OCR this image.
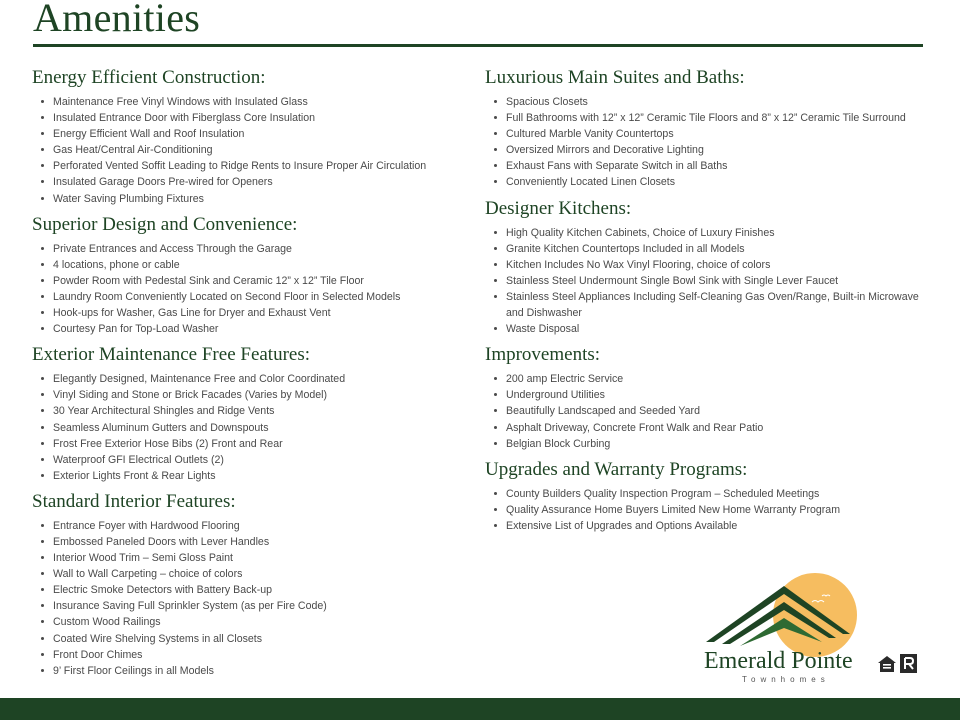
Amenities
Energy Efficient Construction:
Maintenance Free Vinyl Windows with Insulated Glass
Insulated Entrance Door with Fiberglass Core Insulation
Energy Efficient Wall and Roof Insulation
Gas Heat/Central Air-Conditioning
Perforated Vented Soffit Leading to Ridge Rents to Insure Proper Air Circulation
Insulated Garage Doors Pre-wired for Openers
Water Saving Plumbing Fixtures
Superior Design and Convenience:
Private Entrances and Access Through the Garage
4 locations, phone or cable
Powder Room with Pedestal Sink and Ceramic 12” x 12” Tile Floor
Laundry Room Conveniently Located on Second Floor in Selected Models
Hook-ups for Washer, Gas Line for Dryer and Exhaust Vent
Courtesy Pan for Top-Load Washer
Exterior Maintenance Free Features:
Elegantly Designed, Maintenance Free and Color Coordinated
Vinyl Siding and Stone or Brick Facades (Varies by Model)
30 Year Architectural Shingles and Ridge Vents
Seamless Aluminum Gutters and Downspouts
Frost Free Exterior Hose Bibs (2) Front and Rear
Waterproof GFI Electrical Outlets (2)
Exterior Lights Front & Rear Lights
Standard Interior Features:
Entrance Foyer with Hardwood Flooring
Embossed Paneled Doors with Lever Handles
Interior Wood Trim – Semi Gloss Paint
Wall to Wall Carpeting – choice of colors
Electric Smoke Detectors with Battery Back-up
Insurance Saving Full Sprinkler System (as per Fire Code)
Custom Wood Railings
Coated Wire Shelving Systems in all Closets
Front Door Chimes
9’ First Floor Ceilings in all Models
Luxurious Main Suites and Baths:
Spacious Closets
Full Bathrooms with 12” x 12” Ceramic Tile Floors and 8” x 12” Ceramic Tile Surround
Cultured Marble Vanity Countertops
Oversized Mirrors and Decorative Lighting
Exhaust Fans with Separate Switch in all Baths
Conveniently Located Linen Closets
Designer Kitchens:
High Quality Kitchen Cabinets, Choice of Luxury Finishes
Granite Kitchen Countertops Included in all Models
Kitchen Includes No Wax Vinyl Flooring, choice of colors
Stainless Steel Undermount Single Bowl Sink with Single Lever Faucet
Stainless Steel Appliances Including Self-Cleaning Gas Oven/Range, Built-in Microwave and Dishwasher
Waste Disposal
Improvements:
200 amp Electric Service
Underground Utilities
Beautifully Landscaped and Seeded Yard
Asphalt Driveway, Concrete Front Walk and Rear Patio
Belgian Block Curbing
Upgrades and Warranty Programs:
County Builders Quality Inspection Program – Scheduled Meetings
Quality Assurance Home Buyers Limited New Home Warranty Program
Extensive List of Upgrades and Options Available

Emerald Pointe

Townhomes
